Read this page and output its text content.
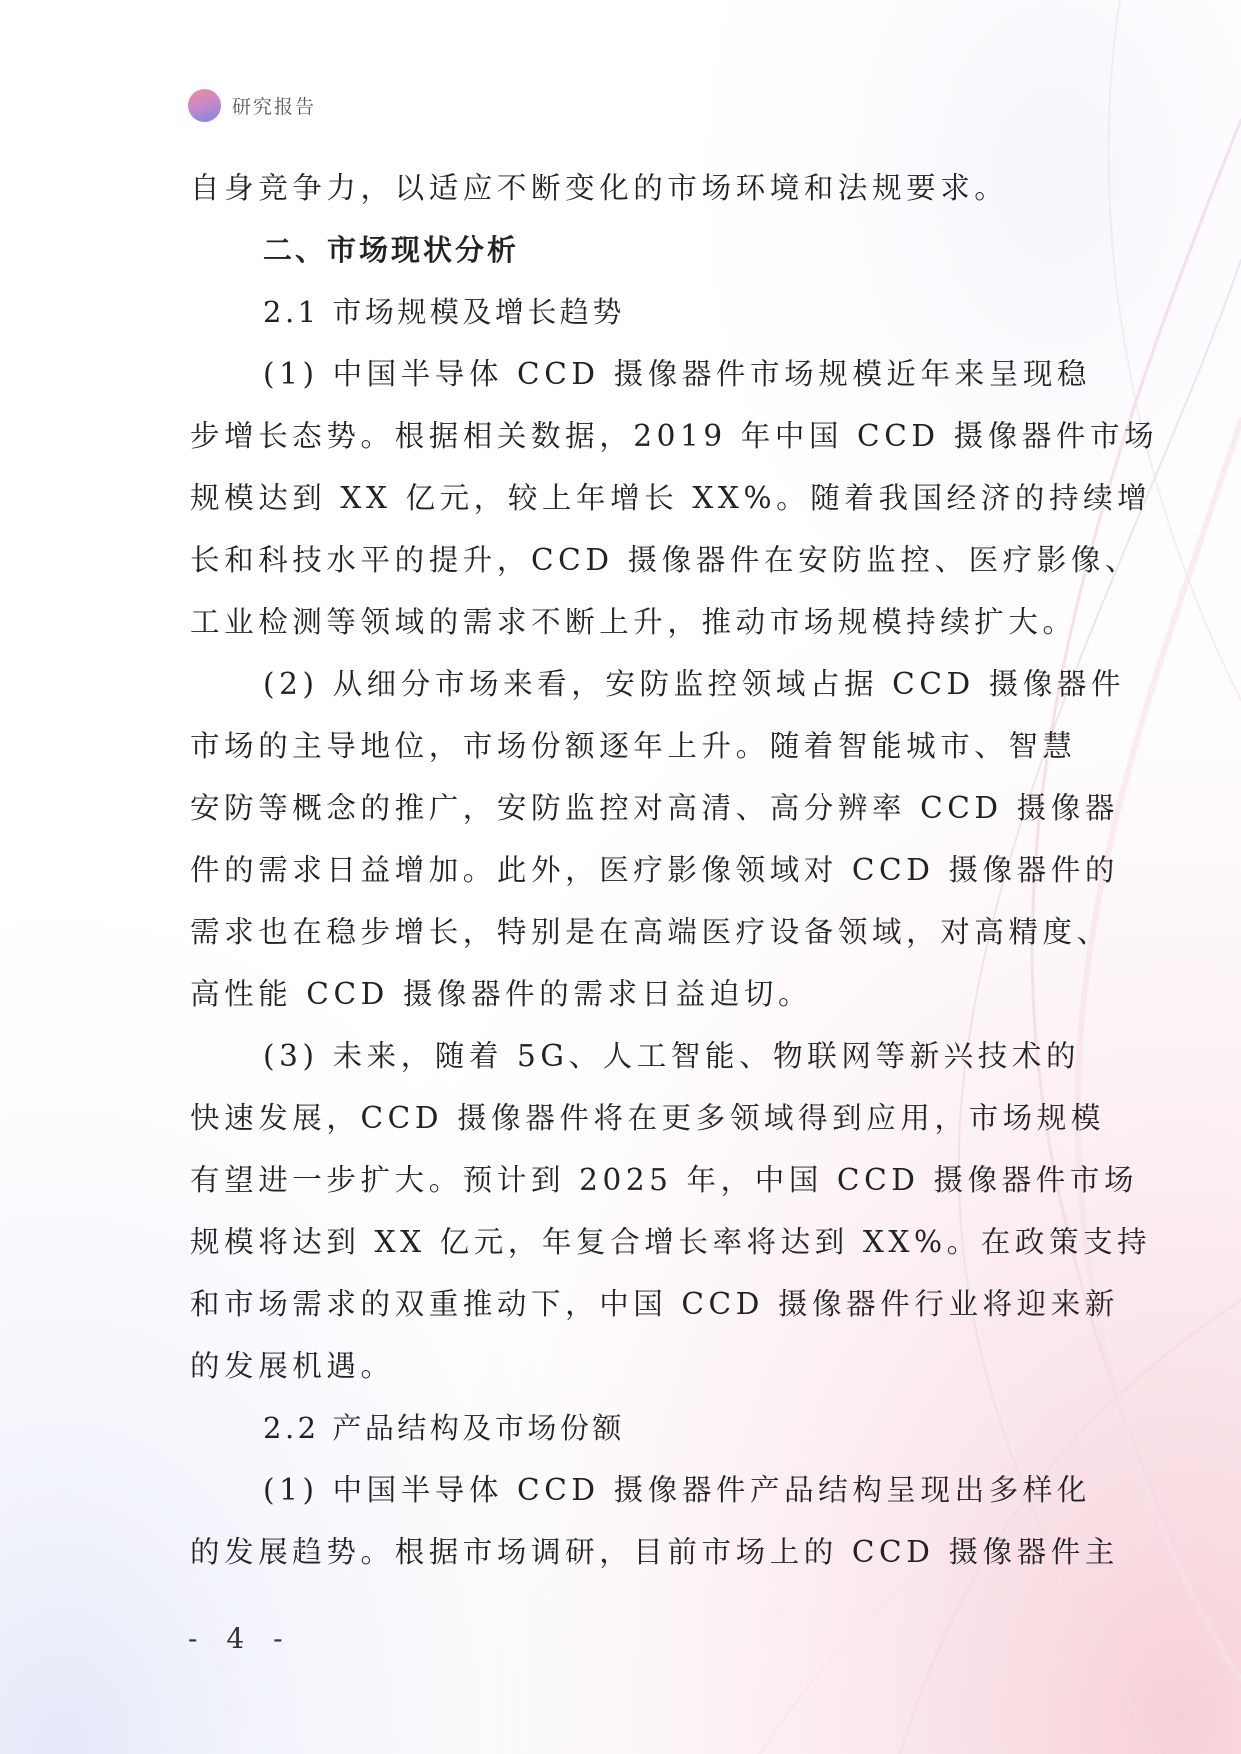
研究报告
自身竞争力，以适应不断变化的市场环境和法规要求。
二、市场现状分析
2.1 市场规模及增长趋势
(1) 中国半导体 CCD 摄像器件市场规模近年来呈现稳
步增长态势。根据相关数据，2019 年中国 CCD 摄像器件市场
规模达到 XX 亿元，较上年增长 XX%。随着我国经济的持续增
长和科技水平的提升，CCD 摄像器件在安防监控、医疗影像、
工业检测等领域的需求不断上升，推动市场规模持续扩大。
(2) 从细分市场来看，安防监控领域占据 CCD 摄像器件
市场的主导地位，市场份额逐年上升。随着智能城市、智慧
安防等概念的推广，安防监控对高清、高分辨率 CCD 摄像器
件的需求日益增加。此外，医疗影像领域对 CCD 摄像器件的
需求也在稳步增长，特别是在高端医疗设备领域，对高精度、
高性能 CCD 摄像器件的需求日益迫切。
(3) 未来，随着 5G、人工智能、物联网等新兴技术的
快速发展，CCD 摄像器件将在更多领域得到应用，市场规模
有望进一步扩大。预计到 2025 年，中国 CCD 摄像器件市场
规模将达到 XX 亿元，年复合增长率将达到 XX%。在政策支持
和市场需求的双重推动下，中国 CCD 摄像器件行业将迎来新
的发展机遇。
2.2 产品结构及市场份额
(1) 中国半导体 CCD 摄像器件产品结构呈现出多样化
的发展趋势。根据市场调研，目前市场上的 CCD 摄像器件主
- 4 -
